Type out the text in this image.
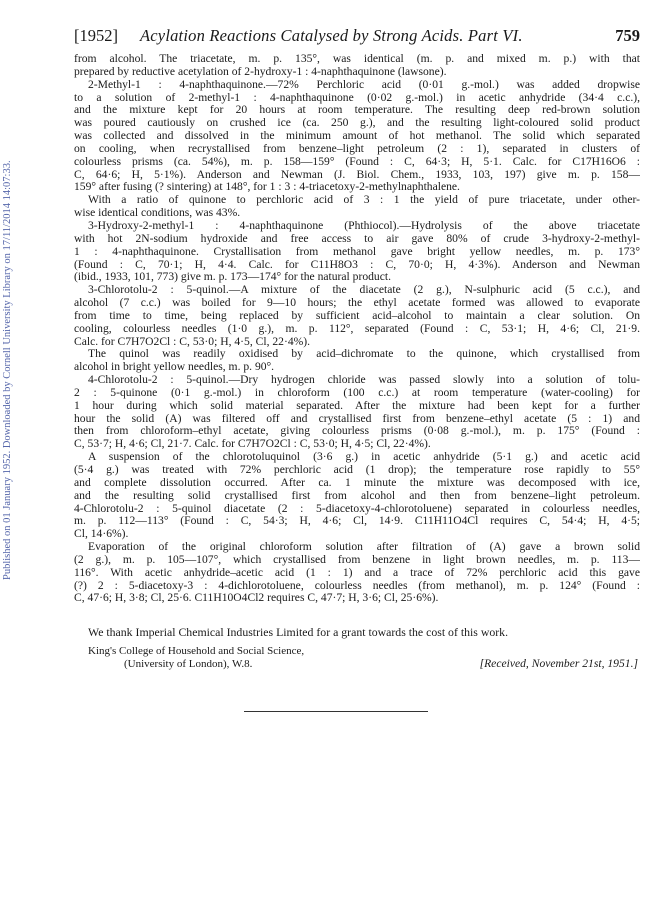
[1952] Acylation Reactions Catalysed by Strong Acids. Part VI.	759
Published on 01 January 1952. Downloaded by Cornell University Library on 17/11/2014 14:07:33.
from alcohol. The triacetate, m. p. 135°, was identical (m. p. and mixed m. p.) with that
prepared by reductive acetylation of 2-hydroxy-1 : 4-naphthaquinone (lawsone).
2-Methyl-1 : 4-naphthaquinone.—72% Perchloric acid (0·01 g.-mol.) was added dropwise
to a solution of 2-methyl-1 : 4-naphthaquinone (0·02 g.-mol.) in acetic anhydride (34·4 c.c.),
and the mixture kept for 20 hours at room temperature. The resulting deep red-brown solution
was poured cautiously on crushed ice (ca. 250 g.), and the resulting light-coloured solid product
was collected and dissolved in the minimum amount of hot methanol. The solid which separated
on cooling, when recrystallised from benzene–light petroleum (2 : 1), separated in clusters of
colourless prisms (ca. 54%), m. p. 158—159° (Found : C, 64·3; H, 5·1. Calc. for C17H16O6 :
C, 64·6; H, 5·1%). Anderson and Newman (J. Biol. Chem., 1933, 103, 197) give m. p. 158—
159° after fusing (? sintering) at 148°, for 1 : 3 : 4-triacetoxy-2-methylnaphthalene.
With a ratio of quinone to perchloric acid of 3 : 1 the yield of pure triacetate, under other-
wise identical conditions, was 43%.
3-Hydroxy-2-methyl-1 : 4-naphthaquinone (Phthiocol).—Hydrolysis of the above triacetate
with hot 2N-sodium hydroxide and free access to air gave 80% of crude 3-hydroxy-2-methyl-
1 : 4-naphthaquinone. Crystallisation from methanol gave bright yellow needles, m. p. 173°
(Found : C, 70·1; H, 4·4. Calc. for C11H8O3 : C, 70·0; H, 4·3%). Anderson and Newman
(ibid., 1933, 101, 773) give m. p. 173—174° for the natural product.
3-Chlorotolu-2 : 5-quinol.—A mixture of the diacetate (2 g.), N-sulphuric acid (5 c.c.), and
alcohol (7 c.c.) was boiled for 9—10 hours; the ethyl acetate formed was allowed to evaporate
from time to time, being replaced by sufficient acid–alcohol to maintain a clear solution. On
cooling, colourless needles (1·0 g.), m. p. 112°, separated (Found : C, 53·1; H, 4·6; Cl, 21·9.
Calc. for C7H7O2Cl : C, 53·0; H, 4·5, Cl, 22·4%).
The quinol was readily oxidised by acid–dichromate to the quinone, which crystallised from
alcohol in bright yellow needles, m. p. 90°.
4-Chlorotolu-2 : 5-quinol.—Dry hydrogen chloride was passed slowly into a solution of tolu-
2 : 5-quinone (0·1 g.-mol.) in chloroform (100 c.c.) at room temperature (water-cooling) for
1 hour during which solid material separated. After the mixture had been kept for a further
hour the solid (A) was filtered off and crystallised first from benzene–ethyl acetate (5 : 1) and
then from chloroform–ethyl acetate, giving colourless prisms (0·08 g.-mol.), m. p. 175° (Found :
C, 53·7; H, 4·6; Cl, 21·7. Calc. for C7H7O2Cl : C, 53·0; H, 4·5; Cl, 22·4%).
A suspension of the chlorotoluquinol (3·6 g.) in acetic anhydride (5·1 g.) and acetic acid
(5·4 g.) was treated with 72% perchloric acid (1 drop); the temperature rose rapidly to 55°
and complete dissolution occurred. After ca. 1 minute the mixture was decomposed with ice,
and the resulting solid crystallised first from alcohol and then from benzene–light petroleum.
4-Chlorotolu-2 : 5-quinol diacetate (2 : 5-diacetoxy-4-chlorotoluene) separated in colourless needles,
m. p. 112—113° (Found : C, 54·3; H, 4·6; Cl, 14·9. C11H11O4Cl requires C, 54·4; H, 4·5;
Cl, 14·6%).
Evaporation of the original chloroform solution after filtration of (A) gave a brown solid
(2 g.), m. p. 105—107°, which crystallised from benzene in light brown needles, m. p. 113—
116°. With acetic anhydride–acetic acid (1 : 1) and a trace of 72% perchloric acid this gave
(?) 2 : 5-diacetoxy-3 : 4-dichlorotoluene, colourless needles (from methanol), m. p. 124° (Found :
C, 47·6; H, 3·8; Cl, 25·6. C11H10O4Cl2 requires C, 47·7; H, 3·6; Cl, 25·6%).
We thank Imperial Chemical Industries Limited for a grant towards the cost of this work.
King's College of Household and Social Science,
(University of London), W.8.	[Received, November 21st, 1951.]
